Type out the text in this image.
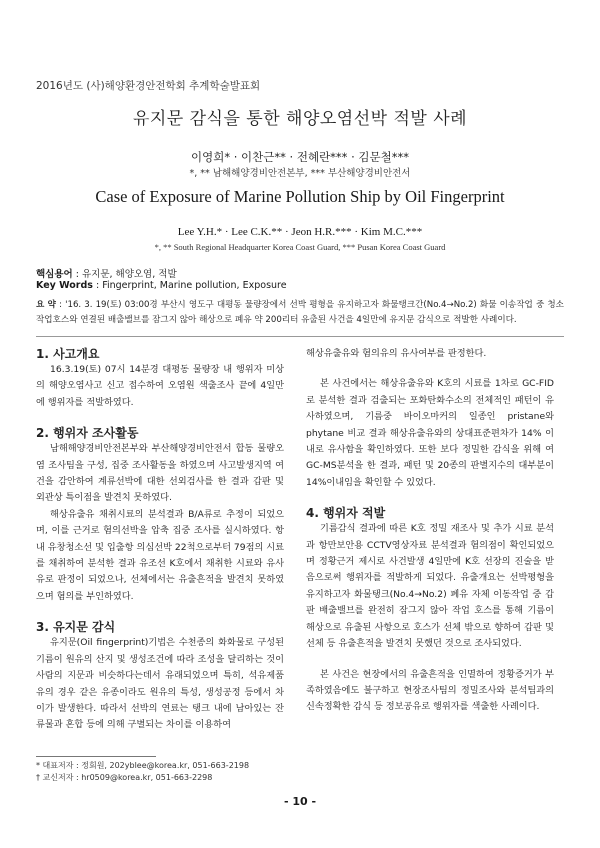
2016년도 (사)해양환경안전학회 추계학술발표회
유지문 감식을 통한 해양오염선박 적발 사례
이영희* · 이찬근** · 전혜란*** · 김문철***
*, ** 남해해양경비안전본부, *** 부산해양경비안전서
Case of Exposure of Marine Pollution Ship by Oil Fingerprint
Lee Y.H.* · Lee C.K.** · Jeon H.R.*** · Kim M.C.***
*, ** South Regional Headquarter Korea Coast Guard, *** Pusan Korea Coast Guard
핵심용어 : 유지문, 해양오염, 적발
Key Words : Fingerprint, Marine pollution, Exposure
요 약 : '16. 3. 19(토) 03:00경 부산시 영도구 대평동 물량장에서 선박 평형을 유지하고자 화물탱크간(No.4→No.2) 화물 이송작업 중 청소작업호스와 연결된 배출밸브를 잠그지 않아 해상으로 폐유 약 200리터 유출된 사건을 4일만에 유지문 감식으로 적발한 사례이다.
1. 사고개요

16.3.19(토) 07시 14분경 대평동 물량장 내 행위자 미상의 해양오염사고 신고 접수하여 오염원 색출조사 끝에 4일만에 행위자를 적발하였다.

2. 행위자 조사활동

남해해양경비안전본부와 부산해양경비안전서 합동 물량오염 조사팀을 구성, 집중 조사활동을 하였으며 사고발생지역 여건을 감안하여 계류선박에 대한 선외검사를 한 결과 갑판 및 외관상 특이점을 발견치 못하였다.

해상유출유 채취시료의 분석결과 B/A류로 추정이 되었으며, 이를 근거로 혐의선박을 압축 집중 조사를 실시하였다. 항내 유창청소선 및 입출항 의심선박 22척으로부터 79점의 시료를 채취하여 분석한 결과 유조선 K호에서 채취한 시료와 유사유로 판정이 되었으나, 선체에서는 유출흔적을 발견치 못하였으며 혐의를 부인하였다.

3. 유지문 감식

유지문(Oil fingerprint)기법은 수천종의 화화물로 구성된 기름이 원유의 산지 및 생성조건에 따라 조성을 달리하는 것이 사람의 지문과 비슷하다는데서 유래되었으며 특히, 석유제품유의 경우 같은 유종이라도 원유의 특성, 생성공정 등에서 차이가 발생한다. 따라서 선박의 연료는 탱크 내에 남아있는 잔류물과 혼합 등에 의해 구별되는 차이를 이용하여

해상유출유와 혐의유의 유사여부를 판정한다.

본 사건에서는 해상유출유와 K호의 시료를 1차로 GC-FID로 분석한 결과 검출되는 포화탄화수소의 전체적인 패턴이 유사하였으며, 기름중 바이오마커의 일종인 pristane와 phytane 비교 결과 해상유출유와의 상대표준편차가 14% 이내로 유사함을 확인하였다. 또한 보다 정밀한 감식을 위해 여 GC-MS분석을 한 결과, 패턴 및 20종의 판별지수의 대부분이 14%이내임을 확인할 수 있었다.

4. 행위자 적발

기름감식 결과에 따른 K호 정밀 재조사 및 추가 시료 분석과 항만보안용 CCTV영상자료 분석결과 혐의점이 확인되었으며 정황근거 제시로 사건발생 4일만에 K호 선장의 진술을 받음으로써 행위자를 적발하게 되었다. 유출개요는 선박평형을 유지하고자 화물탱크(No.4→No.2) 폐유 자체 이동작업 중 갑판 배출밸브를 완전히 잠그지 않아 작업 호스를 통해 기름이 해상으로 유출된 사항으로 호스가 선체 밖으로 향하여 갑판 및 선체 등 유출흔적을 발견치 못했던 것으로 조사되었다.

본 사건은 현장에서의 유출흔적을 인멸하여 정황증거가 부족하였음에도 불구하고 현장조사팀의 정밀조사와 분석팀과의 신속정확한 감식 등 정보공유로 행위자를 색출한 사례이다.

* 대표저자 : 정회원, 202yblee@korea.kr, 051-663-2198
† 교신저자 : hr0509@korea.kr, 051-663-2298
- 10 -
